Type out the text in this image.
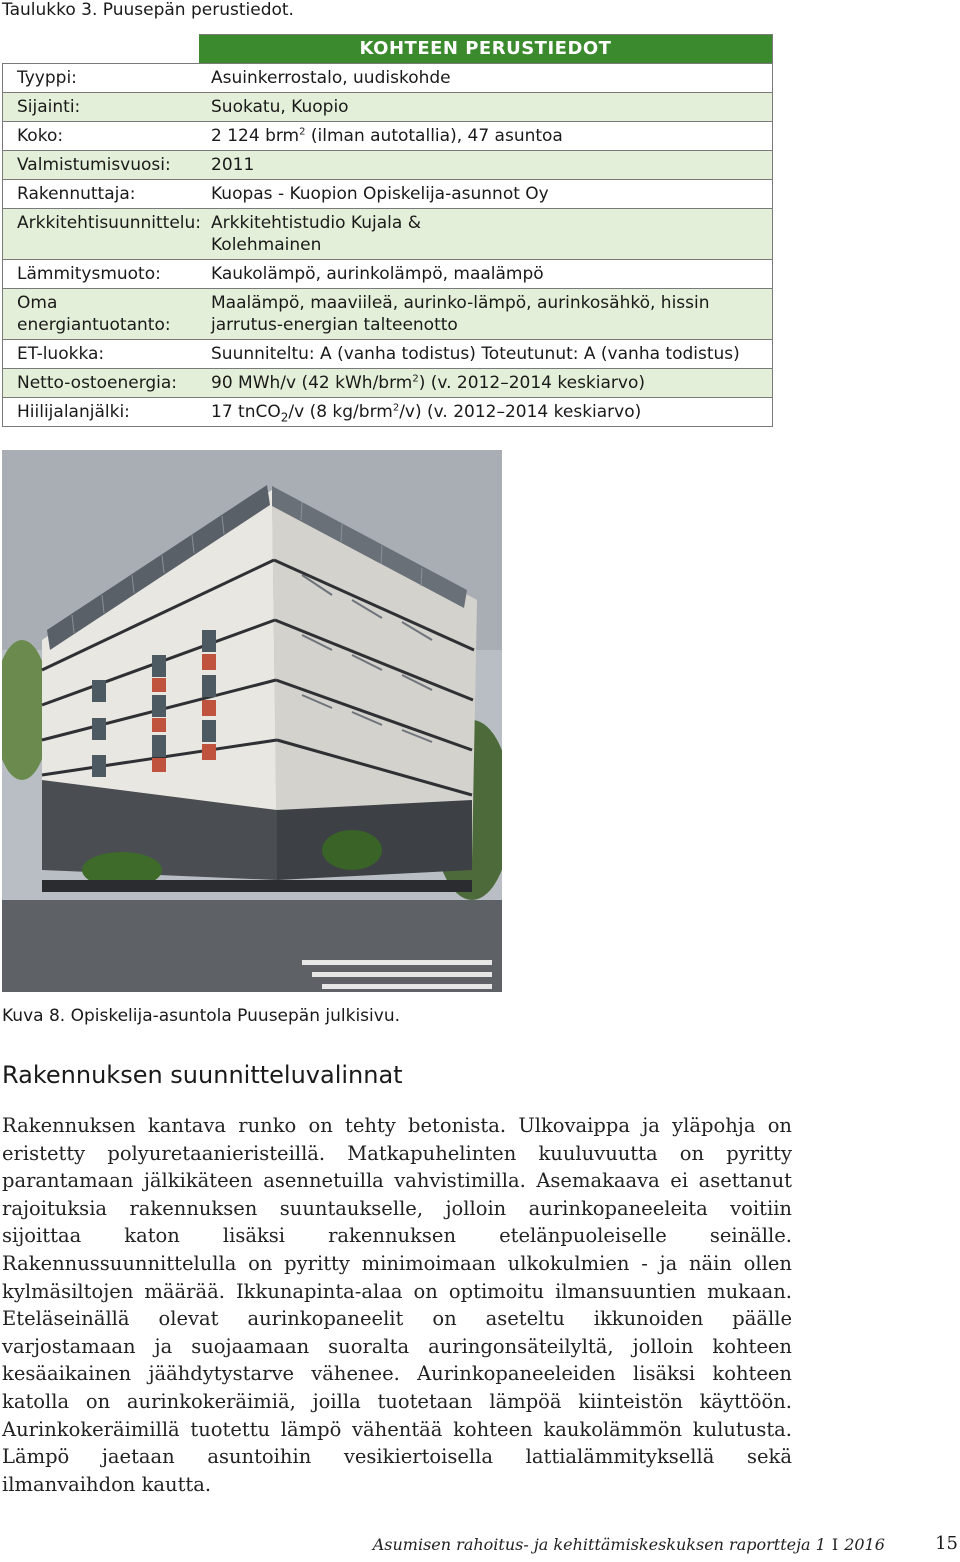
Taulukko 3. Puusepän perustiedot.
	KOHTEEN PERUSTIEDOT
Tyyppi:	Asuinkerrostalo, uudiskohde
Sijainti:	Suokatu, Kuopio
Koko:	2 124 brm$^2$ (ilman autotallia), 47 asuntoa
Valmistumisvuosi:	2011
Rakennuttaja:	Kuopas - Kuopion Opiskelija-asunnot Oy
Arkkitehtisuunnittelu:	Arkkitehtistudio Kujala & Kolehmainen
Lämmitysmuoto:	Kaukolämpö, aurinkolämpö, maalämpö
Oma energiantuotanto:	Maalämpö, maaviileä, aurinko-lämpö, aurinkosähkö, hissin jarrutus-energian talteenotto
ET-luokka:	Suunniteltu: A (vanha todistus) Toteutunut: A (vanha todistus)
Netto-ostoenergia:	90 MWh/v (42 kWh/brm$^2$) (v. 2012–2014 keskiarvo)
Hiilijalanjälki:	17 tnCO$_2$/v (8 kg/brm$^2$/v) (v. 2012–2014 keskiarvo)
Kuva 8. Opiskelija-asuntola Puusepän julkisivu.
Rakennuksen suunnitteluvalinnat
Rakennuksen kantava runko on tehty betonista. Ulkovaippa ja yläpohja on eristetty polyuretaanieristeillä. Matkapuhelinten kuuluvuutta on pyritty parantamaan jälkikäteen asennetuilla vahvistimilla. Asemakaava ei asettanut rajoituksia rakennuksen suuntaukselle, jolloin aurinkopaneeleita voitiin sijoittaa katon lisäksi rakennuksen etelänpuoleiselle seinälle. Rakennussuunnittelulla on pyritty minimoimaan ulkokulmien - ja näin ollen kylmäsiltojen määrää. Ikkunapinta-alaa on optimoitu ilmansuuntien mukaan. Eteläseinällä olevat aurinkopaneelit on aseteltu ikkunoiden päälle varjostamaan ja suojaamaan suoralta auringonsäteilyltä, jolloin kohteen kesäaikainen jäähdytystarve vähenee. Aurinkopaneeleiden lisäksi kohteen katolla on aurinkokeräimiä, joilla tuotetaan lämpöä kiinteistön käyttöön. Aurinkokeräimillä tuotettu lämpö vähentää kohteen kaukolämmön kulutusta. Lämpö jaetaan asuntoihin vesikiertoisella lattialämmityksellä sekä ilmanvaihdon kautta.
Asumisen rahoitus- ja kehittämiskeskuksen raportteja 1 I 2016	15
